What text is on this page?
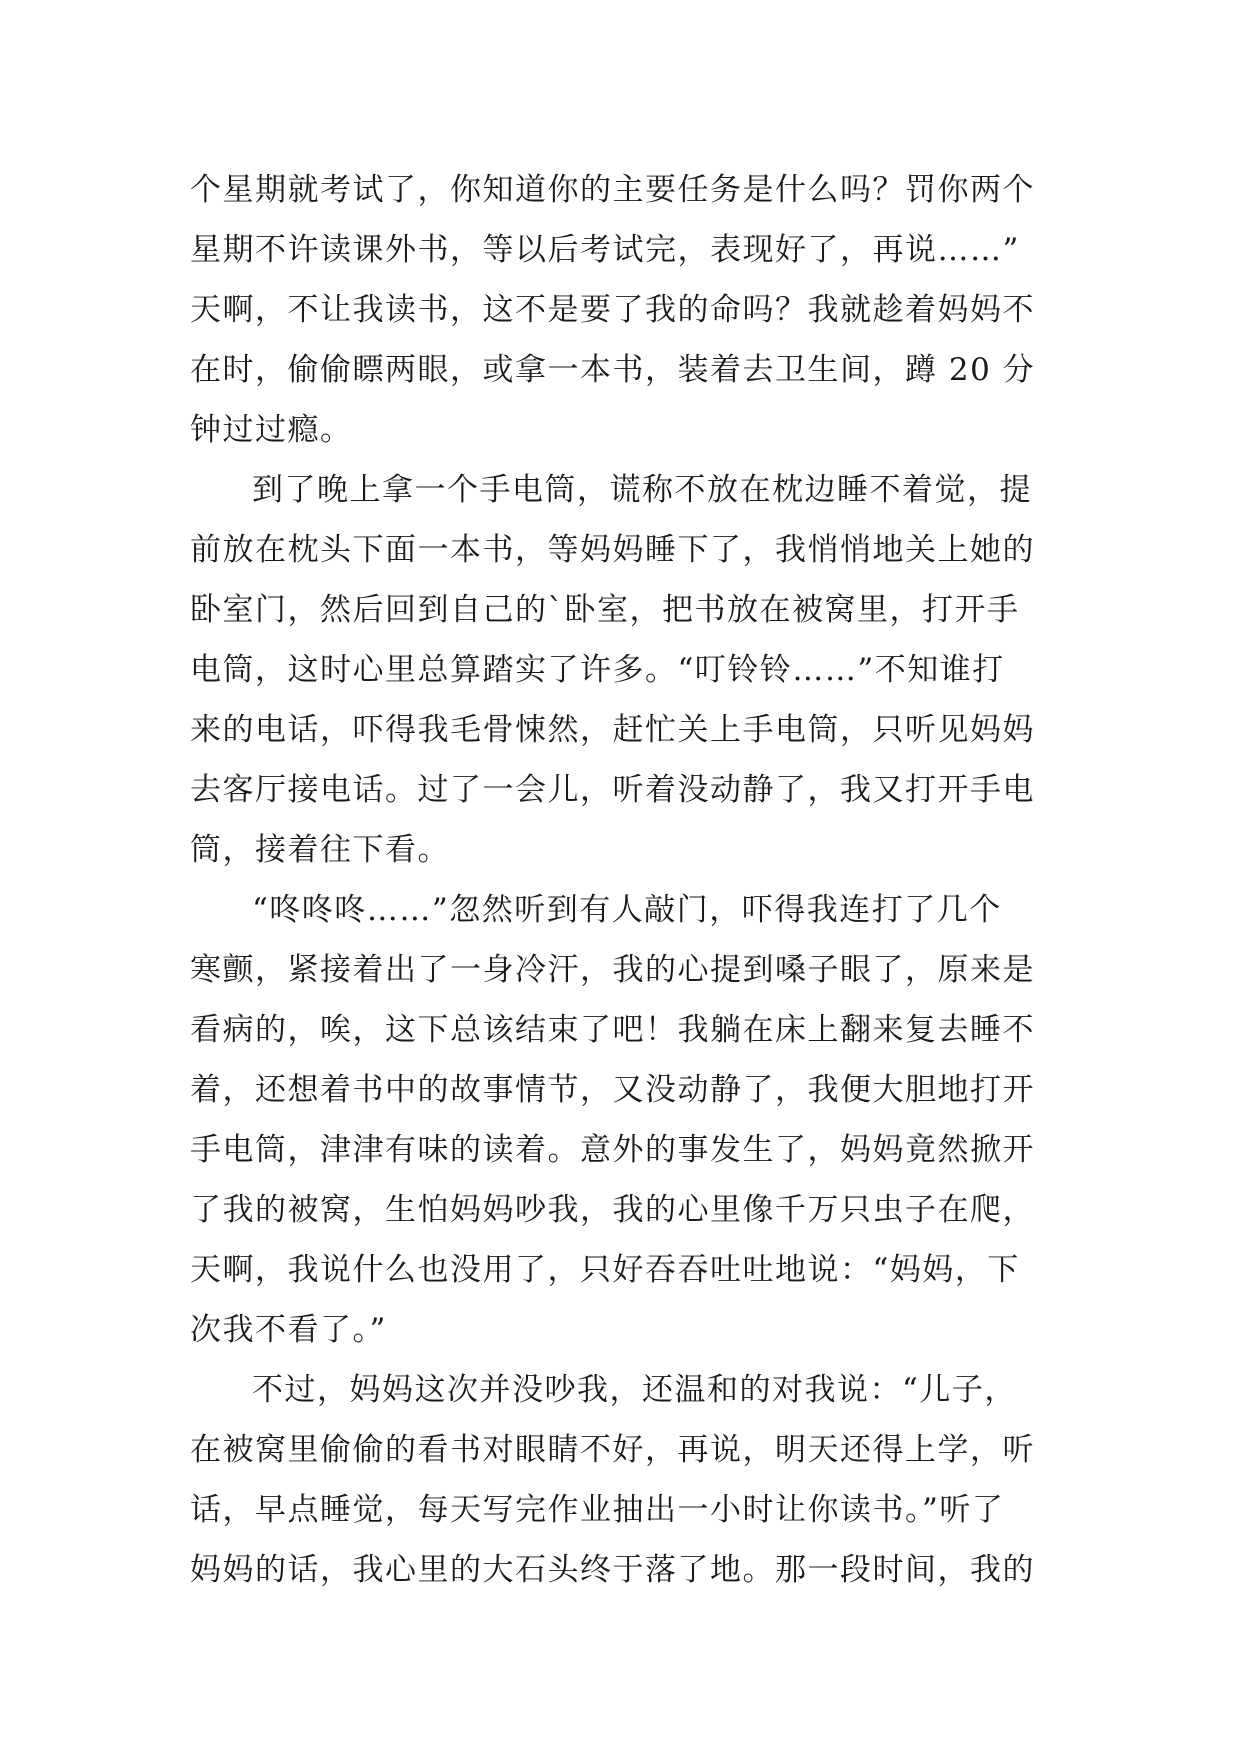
个星期就考试了，你知道你的主要任务是什么吗？罚你两个
星期不许读课外书，等以后考试完，表现好了，再说……”
天啊，不让我读书，这不是要了我的命吗？我就趁着妈妈不
在时，偷偷瞟两眼，或拿一本书，装着去卫生间，蹲 20 分
钟过过瘾。
到了晚上拿一个手电筒，谎称不放在枕边睡不着觉，提
前放在枕头下面一本书，等妈妈睡下了，我悄悄地关上她的
卧室门，然后回到自己的`卧室，把书放在被窝里，打开手
电筒，这时心里总算踏实了许多。“叮铃铃……”不知谁打
来的电话，吓得我毛骨悚然，赶忙关上手电筒，只听见妈妈
去客厅接电话。过了一会儿，听着没动静了，我又打开手电
筒，接着往下看。
“咚咚咚……”忽然听到有人敲门，吓得我连打了几个
寒颤，紧接着出了一身冷汗，我的心提到嗓子眼了，原来是
看病的，唉，这下总该结束了吧！我躺在床上翻来复去睡不
着，还想着书中的故事情节，又没动静了，我便大胆地打开
手电筒，津津有味的读着。意外的事发生了，妈妈竟然掀开
了我的被窝，生怕妈妈吵我，我的心里像千万只虫子在爬，
天啊，我说什么也没用了，只好吞吞吐吐地说：“妈妈，下
次我不看了。”
不过，妈妈这次并没吵我，还温和的对我说：“儿子，
在被窝里偷偷的看书对眼睛不好，再说，明天还得上学，听
话，早点睡觉，每天写完作业抽出一小时让你读书。”听了
妈妈的话，我心里的大石头终于落了地。那一段时间，我的
